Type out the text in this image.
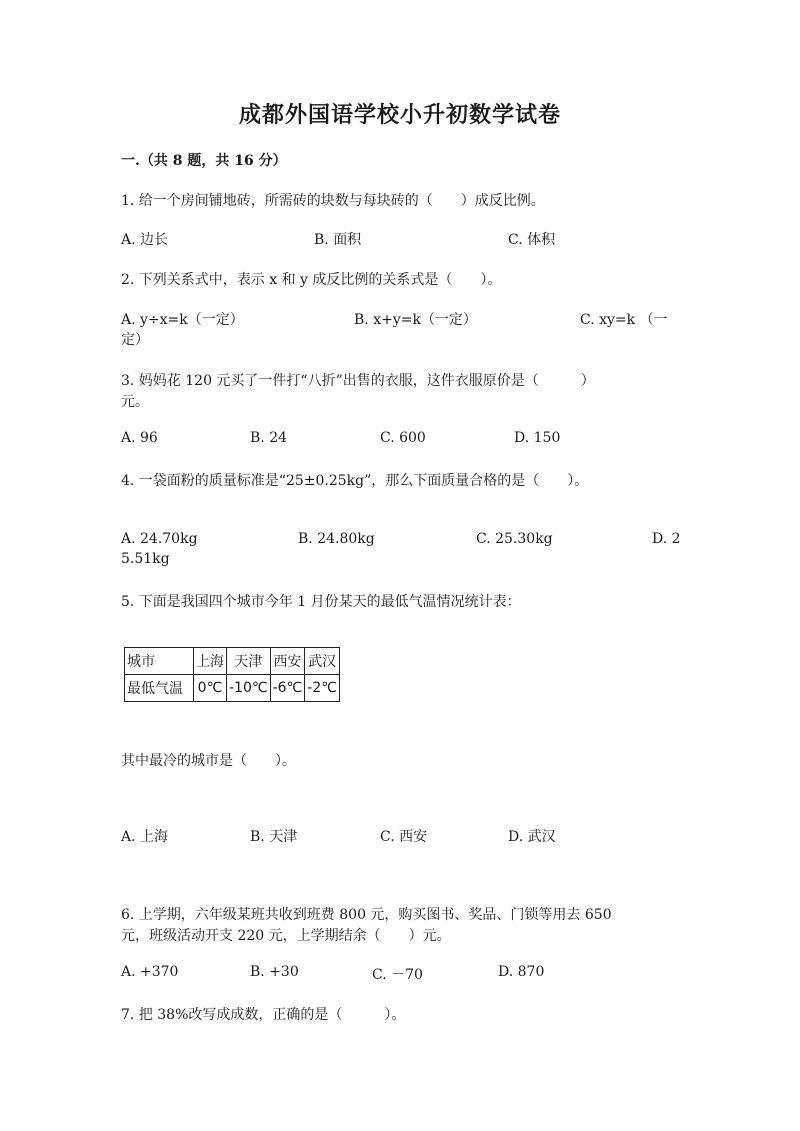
成都外国语学校小升初数学试卷
一.（共 8 题，共 16 分）
1. 给一个房间铺地砖，所需砖的块数与每块砖的（　　）成反比例。
A. 边长	B. 面积	C. 体积
2. 下列关系式中，表示 x 和 y 成反比例的关系式是（　　）。
A. y÷x=k（一定）	B. x+y=k（一定）	C. xy=k （一
定）
3. 妈妈花 120 元买了一件打“八折”出售的衣服，这件衣服原价是（　　　）
元。
A. 96	B. 24	C. 600	D. 150
4. 一袋面粉的质量标准是“25±0.25kg”，那么下面质量合格的是（　　）。
A. 24.70kg	B. 24.80kg	C. 25.30kg	D. 2
5.51kg
5. 下面是我国四个城市今年 1 月份某天的最低气温情况统计表：
城市	上海	天津	西安	武汉
最低气温	0℃	-10℃	-6℃	-2℃
其中最冷的城市是（　　）。
A. 上海	B. 天津	C. 西安	D. 武汉
6. 上学期，六年级某班共收到班费 800 元，购买图书、奖品、门锁等用去 650
元，班级活动开支 220 元，上学期结余（　　）元。
A. +370	B. +30	C. －70	D. 870
7. 把 38%改写成成数，正确的是（　　　）。
